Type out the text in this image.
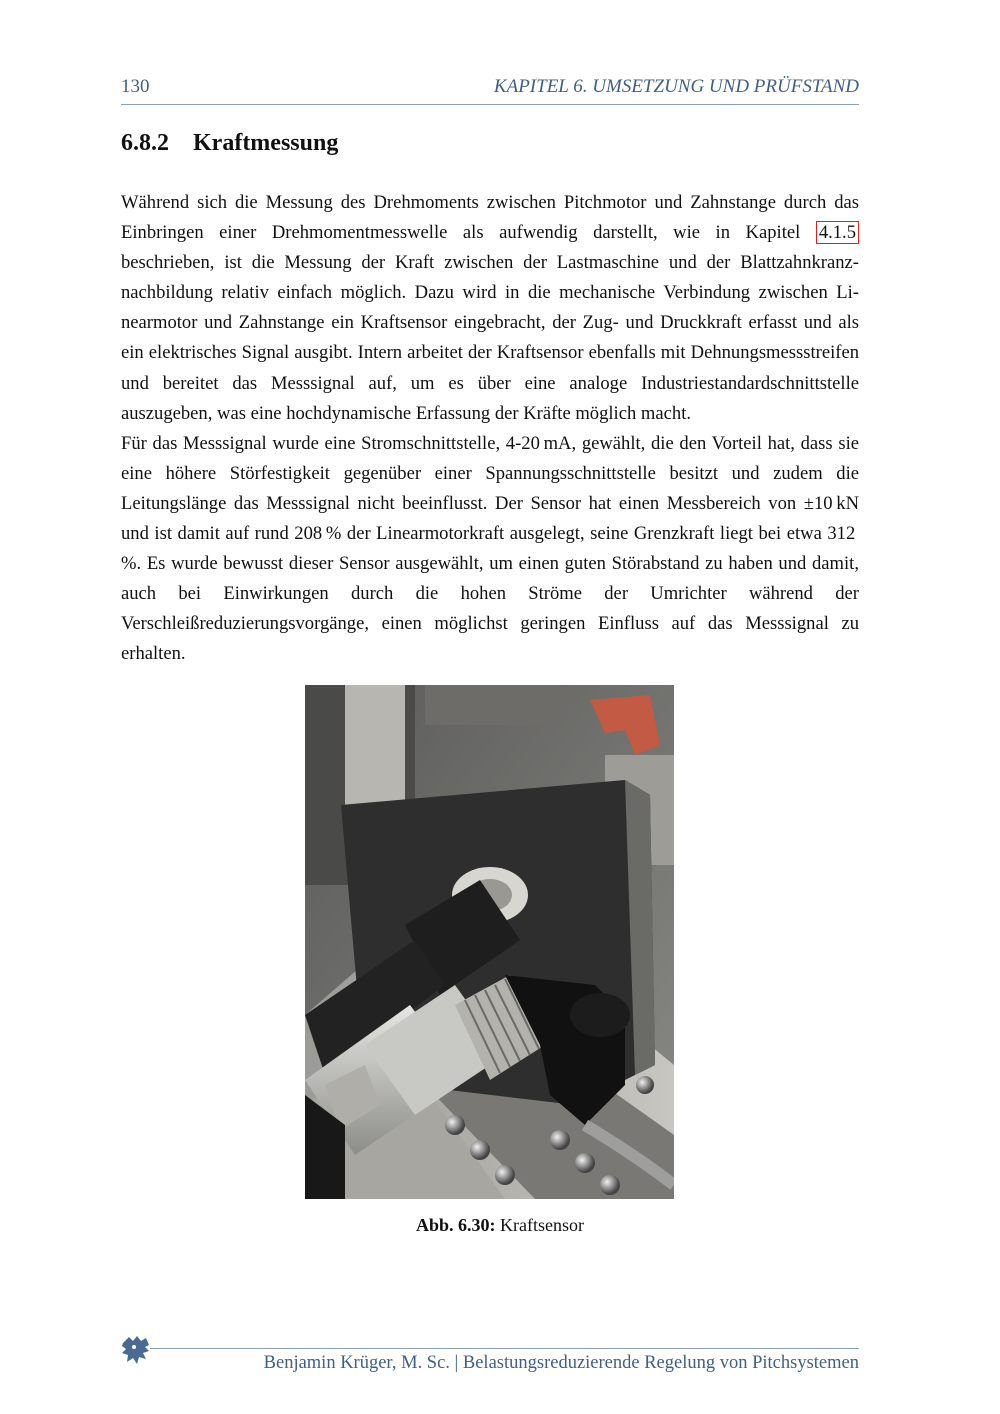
130	KAPITEL 6. UMSETZUNG UND PRÜFSTAND
6.8.2 Kraftmessung

Während sich die Messung des Drehmoments zwischen Pitchmotor und Zahnstange durch das Einbringen einer Drehmomentmesswelle als aufwendig darstellt, wie in Kapitel 4.1.5 beschrieben, ist die Messung der Kraft zwischen der Lastmaschine und der Blattzahnkranznachbildung relativ einfach möglich. Dazu wird in die mechanische Verbindung zwischen Linearmotor und Zahnstange ein Kraftsensor eingebracht, der Zug- und Druckkraft erfasst und als ein elektrisches Signal ausgibt. Intern arbeitet der Kraftsensor ebenfalls mit Dehnungsmessstreifen und bereitet das Messsignal auf, um es über eine analoge Industriestandardschnittstelle auszugeben, was eine hochdynamische Erfassung der Kräfte möglich macht.

Für das Messsignal wurde eine Stromschnittstelle, 4-20 mA, gewählt, die den Vorteil hat, dass sie eine höhere Störfestigkeit gegenüber einer Spannungsschnittstelle besitzt und zudem die Leitungslänge das Messsignal nicht beeinflusst. Der Sensor hat einen Messbereich von ±10 kN und ist damit auf rund 208 % der Linearmotorkraft ausgelegt, seine Grenzkraft liegt bei etwa 312 %. Es wurde bewusst dieser Sensor ausgewählt, um einen guten Störabstand zu haben und damit, auch bei Einwirkungen durch die hohen Ströme der Umrichter während der Verschleißreduzierungsvorgänge, einen möglichst geringen Einfluss auf das Messsignal zu erhalten.

Abb. 6.30: Kraftsensor
Benjamin Krüger, M. Sc. | Belastungsreduzierende Regelung von Pitchsystemen
